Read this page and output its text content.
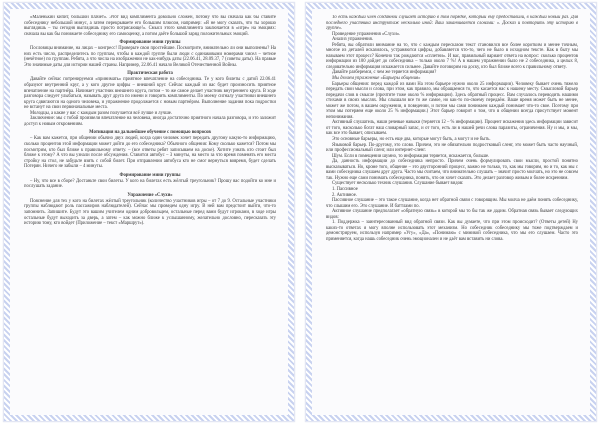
«Маленький кипит, большой плачет». Этот вид комплимента довольно сложен, потому что вы сначала как бы ставите собеседнику небольшой минус, а затем перекрываете его большим плюсом, например: «Я не могу сказать, что ты хорошо выглядишь – ты сегодня выглядишь просто потрясающе!». Смысл этого комплимента заключается в «игре» на эмоциях: сначала вы как бы понижаете собеседнику его самооценку, а потом даёте большой заряд положительных эмоций.

Формирование мини группы

Пословицы внимание, на лицах – конгресс! Проверьте свои простейшие. Посмотрите, внимательно ли они выполнены? На них есть число, распределитесь по группам, чтобы в каждой группе были люди с одинаковыми номерами чисел – четное (нечётное) по группам. Ребята, а что числа на изображении не как-нибудь даты (22.06.41, 28.09.37, 7 (советы даты). На правые Это значимые даты для истории нашей страны. Например, 22.06.41 начало Великой Отечественной Войны.

Практическая работа

Давайте сейчас потренируемся «принимать» приятное впечатление на собеседника. Те у кого билеты с датой 22.06.41 образуют внутренний круг, а у кого другие цифры – внешний круг. Сейчас каждый из вас будет произносить приятное впечатление на партнёра. Начинает участник внешнего круга, потом – то же самое делает участник внутреннего круга. В ходе разговора следует улыбаться, называть друг друга по имени и говорить комплименты. По моему сигналу участники внешнего круга сдвигаются на одного человека, и упражнение продолжается с новым партнёром. Выполнение задания пока подростки не встанут на свои первоначальные места.

Молодцы, а какие у вас с каждым разом получается всё лучше и лучше.

Заключение: мы с тобой произвели впечатление на человека, иногда достаточно приятного начала разговора, и это заложит доступ к новым откровениям.

Мотивация на дальнейшее обучение с помощью вопросов

– Как вам кажется, при общении обычно двух людей, когда один человек хочет передать другому какую-то информацию, сколько процентов этой информации может дойти до его собеседника? Обычного общения: Кому сколько кажется? Потом мы посмотрим, кто был ближе к правильному ответу. – (все ответы ребят записываем на доске). Хотите узнать кто стоит был ближе к этому? А что вы узнали после обсуждения. Ставится автобус – 3 минуты, на место за что время поменять его места стройку на стол, не забудьте взять с собой билет. При отправлении автобуса кто не смог вернуться вовремя, будет сделать Потерян. Ничего не забыли – 4 минуты.

Формирование мини группы

– Ну, что все в сборе? Достаньте свои билеты. У кого на билетах есть жёлтый треугольник? Прошу вас подойти ко мне и послушать задание.

Упражнение «Слухи»

Пояснение для тех у кого на билетах жёлтый треугольник (количество участников игры – от 7 до 9. Остальные участники группы наблюдают роль пассажиров наблюдателей). Сейчас мы проведем одну игру. В ней вам предстоит выйти, что-то запомнить. Запишите. Будут это вашим учителем одним добровольцем, остальные перед вами будут игроками, в ходе игры остальные будут выходить за дверь, а затем – как можно ближе к услышанному, желательно дословно, пересказать эту историю тому, кто войдет (Приложение – текст «Маршрут»).

То есть каждый член созданной слушает историю в том порядке, который ему предоставили, в каждый новый раз. Для последнего участника инструктаж несколько иной: Ваш заканчивается словами: «. Досказ и повторить эту историю в группе».

Проведение упражнения «Слухи».

Анализ упражнения.

Ребята, вы обратили внимание на то, что с каждым пересказом текст становился все более коротким и менее точным, многое из деталей исказилось, устраняются цифры, добавляется что-то, чего не было в исходном тексте. Как в быту мы называем этот процесс? Конечно так рождаются «сплетни». И вас, правильный вариант ответа на вопрос: сколько процентов информации из 100 дойдет до собеседника – только около 7 %! А в нашем упражнении было не 2 собеседника, а целых 8, следовательно информация искажается сильнее. Давайте поговорим на доску, кто был ближе всего к правильному ответу.

Давайте разберемся, с чем же теряется информация?

Мы делаем упражнение «Барьеры общения»

Барьеры общения: перед каждой из вами На этом барьере нужно около 25 информации). Человеку бывает очень тяжело передать свои мысли и слова, при этом, как правило, мы обращаемся то, что касается нас к нашему месту. Смысловой барьер передачи слов в смысле (прочтите тоже около % информации). Здесь обратный процесс. Вам случалось переводить нашими стихами в своих мыслях. Мы слышали все то же самое, но как-то по-своему передаём. Ваше время может быть не менее, может же потом, в вашем окружении, в поведении, и потом мы сами понимаем каждый понимает что-то свое. Поэтому при этом мы потеряем еще около 25 % информации.) Этот барьер говорит о том, что в общении всегда присутствует момент непонимания.

Активный слушатель, наши речевые навыки (теряется 12 – % информации). Процент искажения здесь информации зависит от того, насколько богат наш словарный запас, и от того, есть ли в нашей речи слова паразиты, ограничения. Ну и мы, и мы, как все это бывает, описываем.

Это основные барьеры, но есть еще два, которые могут быть, а могут и не быть.

Языковой барьер. По-другому, это слово. Причем, это не обязательно подростковый сленг, это может быть часто научный, или профессиональный сленг, или интернет-сленг.

Шум. Если в помещении шумно, то информация теряется, искажается, больше.

Да, данность информации до собеседника непросто. Причем очень формулировать свои мысли, простой понятно высказываться. Но, кроме того, общение – это двусторонний процесс, важно не только, то, как мы говорим, но и то, как мы с вами собеседника слушаем друг друга. Часто мы считаем, что внимательно слушать – значит просто молчать, но это не совсем так. Нужно еще сами понимать собеседника, понять, что он хочет сказать. Это делает разговор живым и более искренним.

Существует несколько техник слушания. Слушание бывает видов:

1. Пассивное

2. Активное.

Пассивное слушание – это такое слушание, когда нет обратной связи с говорящим. Мы молча не даём понять собеседнику, что слышим его. Это слушание. И баттлами по.

Активное слушание предполагает «обратную связь» в которой мы то бы так же дадим. Обратная связь бывает следующих видов:

1. Поддержка – заинтересованный вид обратной связи. Как вы думаете, что при этом происходит? (Ответы детей) Ну каких-то ответах я могу вполне использовать этот механизм. Но собеседник собеседнику мы тоже подтверждаем и демонстрируем, используя например «Угу», «Да», «Понимаю» с мимикой собеседника, что мы его слушаем. Часто это применяется, когда нашь собеседник очень эмоционален и не даёт вам вставить ни слова.
